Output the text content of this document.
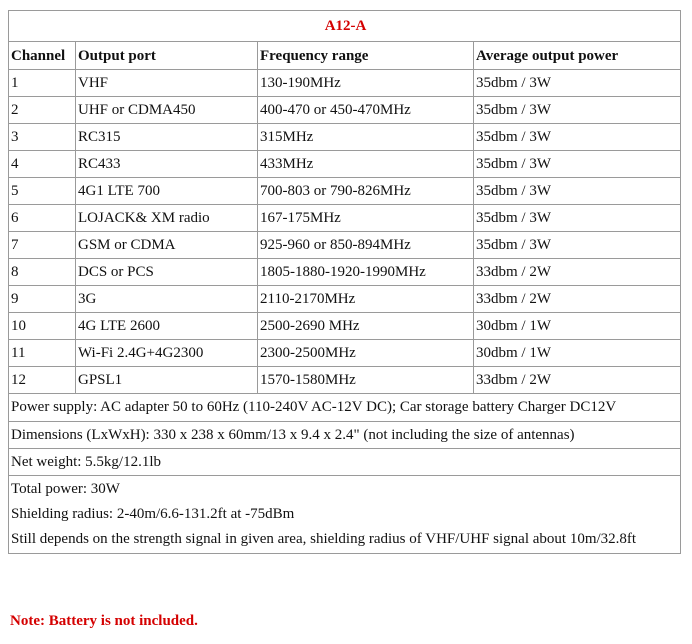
A12-A			
Channel	Output port	Frequency range	Average output power
1	VHF	130-190MHz	35dbm / 3W
2	UHF or CDMA450	400-470 or 450-470MHz	35dbm / 3W
3	RC315	315MHz	35dbm / 3W
4	RC433	433MHz	35dbm / 3W
5	4G1 LTE 700	700-803 or 790-826MHz	35dbm / 3W
6	LOJACK& XM radio	167-175MHz	35dbm / 3W
7	GSM or CDMA	925-960 or 850-894MHz	35dbm / 3W
8	DCS or PCS	1805-1880-1920-1990MHz	33dbm / 2W
9	3G	2110-2170MHz	33dbm / 2W
10	4G LTE 2600	2500-2690 MHz	30dbm / 1W
11	Wi-Fi 2.4G+4G2300	2300-2500MHz	30dbm / 1W
12	GPSL1	1570-1580MHz	33dbm / 2W
Power supply: AC adapter 50 to 60Hz (110-240V AC-12V DC); Car storage battery Charger DC12V			
Dimensions (LxWxH): 330 x 238 x 60mm/13 x 9.4 x 2.4" (not including the size of antennas)			
Net weight: 5.5kg/12.1lb			

Total power: 30W
Shielding radius: 2-40m/6.6-131.2ft at -75dBm
Still depends on the strength signal in given area, shielding radius of VHF/UHF signal about 10m/32.8ft			
Note: Battery is not included.
